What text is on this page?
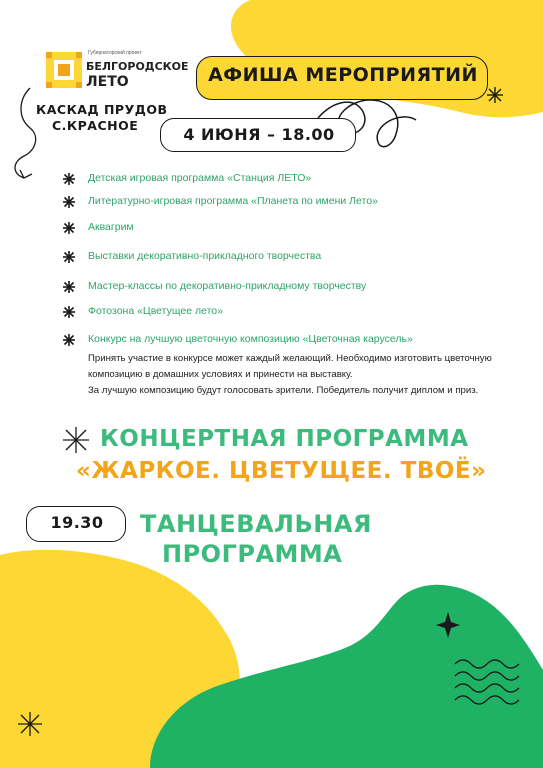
Губернаторский проект
БЕЛГОРОДСКОЕ
ЛЕТО
КАСКАД ПРУДОВ
С.КРАСНОЕ
АФИША МЕРОПРИЯТИЙ
4 ИЮНЯ – 18.00
Детская игровая программа «Станция ЛЕТО»
Литературно-игровая программа «Планета по имени Лето»
Аквагрим
Выставки декоративно-прикладного творчества
Мастер-классы по декоративно-прикладному творчеству
Фотозона «Цветущее лето»
Конкурс на лучшую цветочную композицию «Цветочная карусель»
Принять участие в конкурсе может каждый желающий. Необходимо изготовить цветочную
композицию в домашних условиях и принести на выставку.
За лучшую композицию будут голосовать зрители. Победитель получит диплом и приз.
КОНЦЕРТНАЯ ПРОГРАММА
«ЖАРКОЕ. ЦВЕТУЩЕЕ. ТВОЁ»
19.30	ТАНЦЕВАЛЬНАЯ
ПРОГРАММА
